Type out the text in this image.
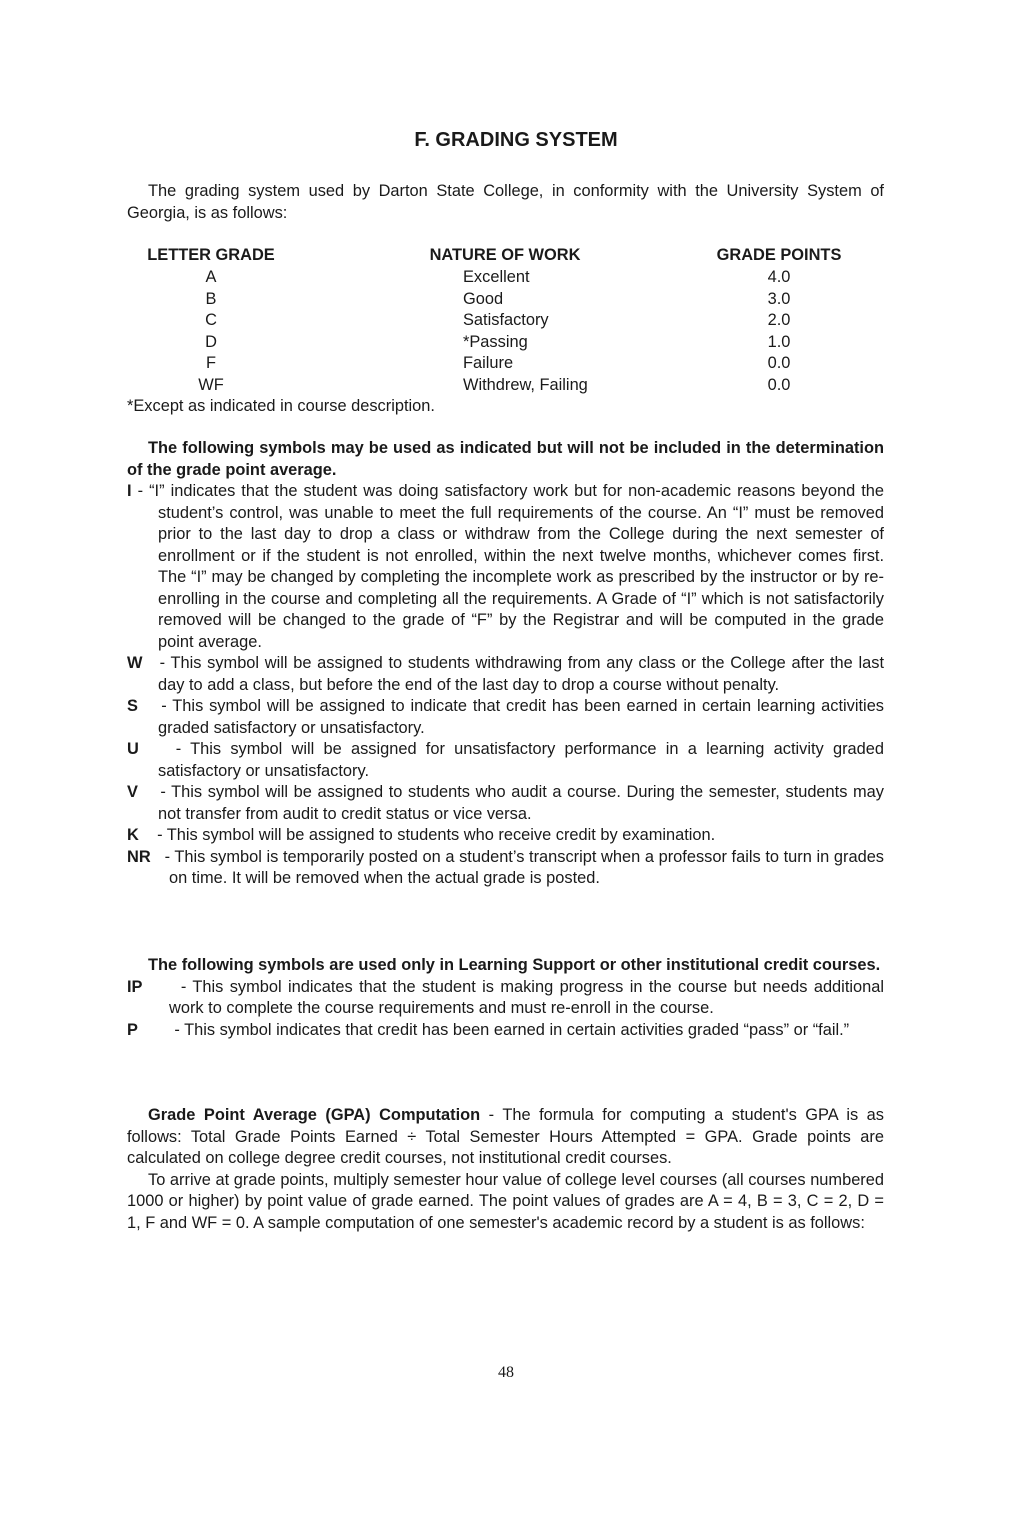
F. GRADING SYSTEM

The grading system used by Darton State College, in conformity with the University System of Georgia, is as follows:

LETTER GRADE	NATURE OF WORK	GRADE POINTS
A	Excellent	4.0
B	Good	3.0
C	Satisfactory	2.0
D	*Passing	1.0
F	Failure	0.0
WF	Withdrew, Failing	0.0

*Except as indicated in course description.

The following symbols may be used as indicated but will not be included in the determination of the grade point average.

I - “I” indicates that the student was doing satisfactory work but for non-academic reasons beyond the student’s control, was unable to meet the full requirements of the course. An “I” must be removed prior to the last day to drop a class or withdraw from the College during the next semester of enrollment or if the student is not enrolled, within the next twelve months, whichever comes first. The “I” may be changed by completing the incomplete work as prescribed by the instructor or by re-enrolling in the course and completing all the requirements. A Grade of “I” which is not satisfactorily removed will be changed to the grade of “F” by the Registrar and will be computed in the grade point average.

W - This symbol will be assigned to students withdrawing from any class or the College after the last day to add a class, but before the end of the last day to drop a course without penalty.

S - This symbol will be assigned to indicate that credit has been earned in certain learning activities graded satisfactory or unsatisfactory.

U - This symbol will be assigned for unsatisfactory performance in a learning activity graded satisfactory or unsatisfactory.

V - This symbol will be assigned to students who audit a course. During the semester, students may not transfer from audit to credit status or vice versa.

K - This symbol will be assigned to students who receive credit by examination.

NR - This symbol is temporarily posted on a student’s transcript when a professor fails to turn in grades on time. It will be removed when the actual grade is posted.

The following symbols are used only in Learning Support or other institutional credit courses.

IP - This symbol indicates that the student is making progress in the course but needs additional work to complete the course requirements and must re-enroll in the course.

P - This symbol indicates that credit has been earned in certain activities graded “pass” or “fail.”

Grade Point Average (GPA) Computation - The formula for computing a student's GPA is as follows: Total Grade Points Earned ÷ Total Semester Hours Attempted = GPA. Grade points are calculated on college degree credit courses, not institutional credit courses.

To arrive at grade points, multiply semester hour value of college level courses (all courses numbered 1000 or higher) by point value of grade earned. The point values of grades are A = 4, B = 3, C = 2, D = 1, F and WF = 0. A sample computation of one semester's academic record by a student is as follows:

48
